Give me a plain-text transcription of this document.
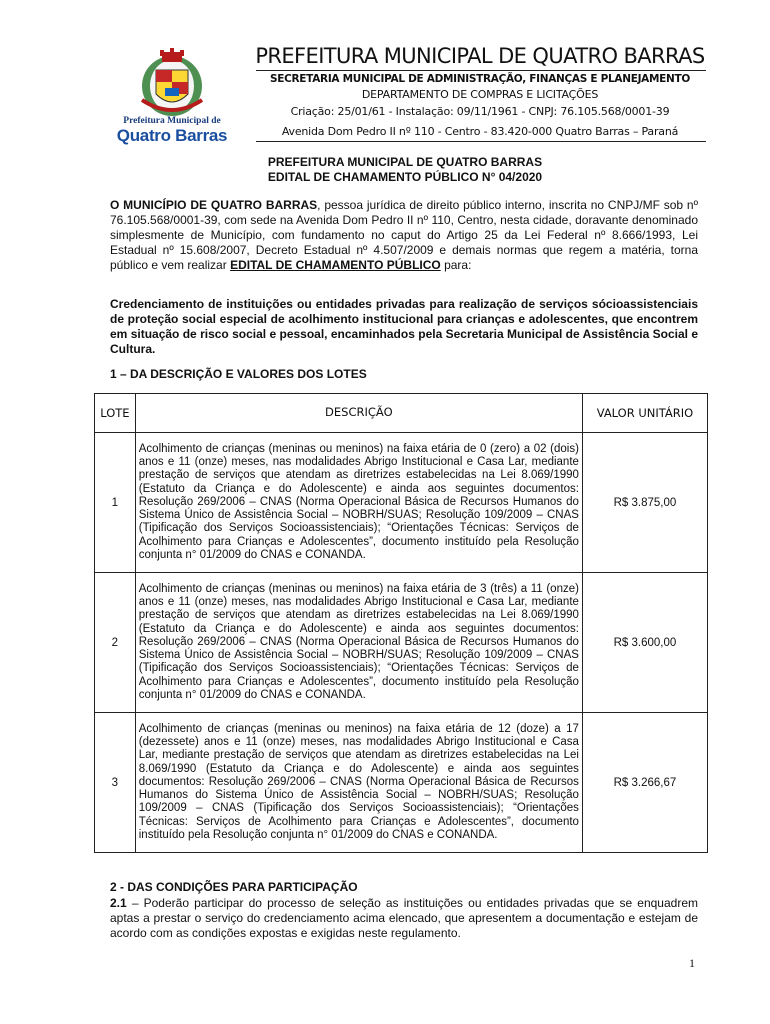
Prefeitura Municipal de
Quatro Barras
PREFEITURA MUNICIPAL DE QUATRO BARRAS
SECRETARIA MUNICIPAL DE ADMINISTRAÇÃO, FINANÇAS E PLANEJAMENTO
DEPARTAMENTO DE COMPRAS E LICITAÇÕES
Criação: 25/01/61 - Instalação: 09/11/1961 - CNPJ: 76.105.568/0001-39
Avenida Dom Pedro II nº 110 - Centro - 83.420-000 Quatro Barras – Paraná
PREFEITURA MUNICIPAL DE QUATRO BARRAS
EDITAL DE CHAMAMENTO PÚBLICO N° 04/2020
O MUNICÍPIO DE QUATRO BARRAS, pessoa jurídica de direito público interno, inscrita no CNPJ/MF sob nº 76.105.568/0001-39, com sede na Avenida Dom Pedro II nº 110, Centro, nesta cidade, doravante denominado simplesmente de Município, com fundamento no caput do Artigo 25 da Lei Federal nº 8.666/1993, Lei Estadual nº 15.608/2007, Decreto Estadual nº 4.507/2009 e demais normas que regem a matéria, torna público e vem realizar EDITAL DE CHAMAMENTO PÚBLICO para:
Credenciamento de instituições ou entidades privadas para realização de serviços sócioassistenciais de proteção social especial de acolhimento institucional para crianças e adolescentes, que encontrem em situação de risco social e pessoal, encaminhados pela Secretaria Municipal de Assistência Social e Cultura.
1 – DA DESCRIÇÃO E VALORES DOS LOTES
LOTE	DESCRIÇÃO	VALOR UNITÁRIO
1	Acolhimento de crianças (meninas ou meninos) na faixa etária de 0 (zero) a 02 (dois) anos e 11 (onze) meses, nas modalidades Abrigo Institucional e Casa Lar, mediante prestação de serviços que atendam as diretrizes estabelecidas na Lei 8.069/1990 (Estatuto da Criança e do Adolescente) e ainda aos seguintes documentos: Resolução 269/2006 – CNAS (Norma Operacional Básica de Recursos Humanos do Sistema Único de Assistência Social – NOBRH/SUAS; Resolução 109/2009 – CNAS (Tipificação dos Serviços Socioassistenciais); “Orientações Técnicas: Serviços de Acolhimento para Crianças e Adolescentes”, documento instituído pela Resolução conjunta n° 01/2009 do CNAS e CONANDA.	R$ 3.875,00
2	Acolhimento de crianças (meninas ou meninos) na faixa etária de 3 (três) a 11 (onze) anos e 11 (onze) meses, nas modalidades Abrigo Institucional e Casa Lar, mediante prestação de serviços que atendam as diretrizes estabelecidas na Lei 8.069/1990 (Estatuto da Criança e do Adolescente) e ainda aos seguintes documentos: Resolução 269/2006 – CNAS (Norma Operacional Básica de Recursos Humanos do Sistema Único de Assistência Social – NOBRH/SUAS; Resolução 109/2009 – CNAS (Tipificação dos Serviços Socioassistenciais); “Orientações Técnicas: Serviços de Acolhimento para Crianças e Adolescentes”, documento instituído pela Resolução conjunta n° 01/2009 do CNAS e CONANDA.	R$ 3.600,00
3	Acolhimento de crianças (meninas ou meninos) na faixa etária de 12 (doze) a 17 (dezessete) anos e 11 (onze) meses, nas modalidades Abrigo Institucional e Casa Lar, mediante prestação de serviços que atendam as diretrizes estabelecidas na Lei 8.069/1990 (Estatuto da Criança e do Adolescente) e ainda aos seguintes documentos: Resolução 269/2006 – CNAS (Norma Operacional Básica de Recursos Humanos do Sistema Único de Assistência Social – NOBRH/SUAS; Resolução 109/2009 – CNAS (Tipificação dos Serviços Socioassistenciais); “Orientações Técnicas: Serviços de Acolhimento para Crianças e Adolescentes”, documento instituído pela Resolução conjunta n° 01/2009 do CNAS e CONANDA.	R$ 3.266,67
2 - DAS CONDIÇÕES PARA PARTICIPAÇÃO
2.1 – Poderão participar do processo de seleção as instituições ou entidades privadas que se enquadrem aptas a prestar o serviço do credenciamento acima elencado, que apresentem a documentação e estejam de acordo com as condições expostas e exigidas neste regulamento.
1
